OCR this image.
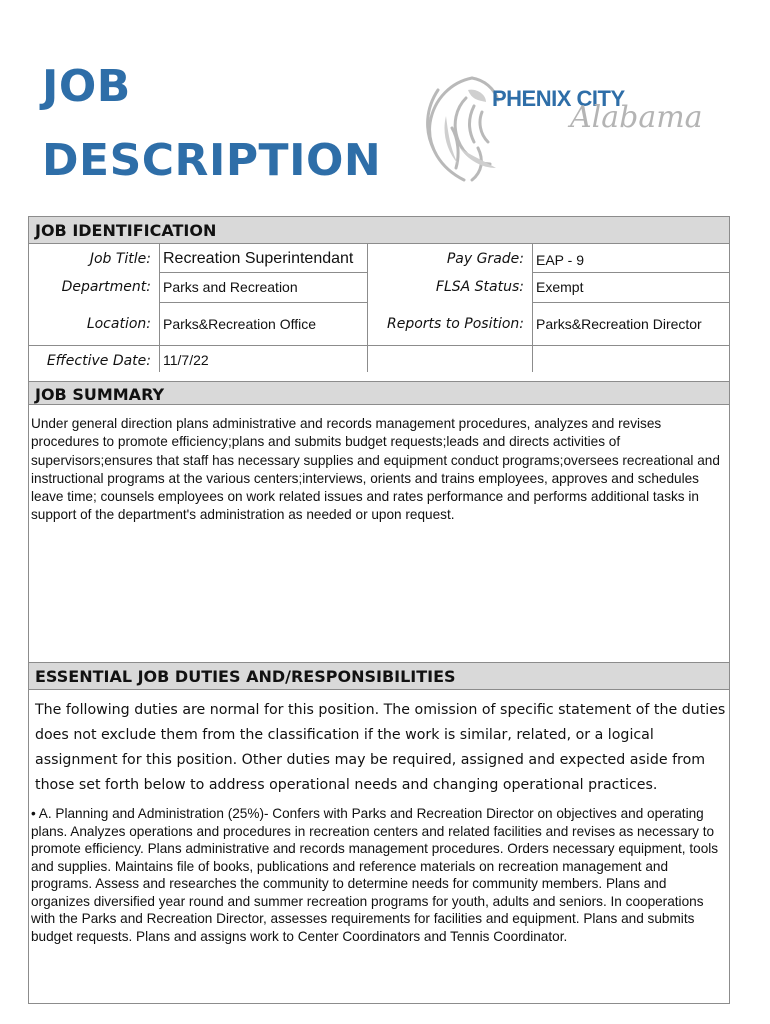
JOB
DESCRIPTION
PHENIX CITY
Alabama
JOB IDENTIFICATION
Job Title: Recreation Superintendant	Pay Grade: EAP - 9
Department: Parks and Recreation	FLSA Status: Exempt
Location: Parks&Recreation Office	Reports to Position: Parks&Recreation Director
Effective Date: 11/7/22
JOB SUMMARY

Under general direction plans administrative and records management procedures, analyzes and revises procedures to promote efficiency;plans and submits budget requests;leads and directs activities of supervisors;ensures that staff has necessary supplies and equipment conduct programs;oversees recreational and instructional programs at the various centers;interviews, orients and trains employees, approves and schedules leave time; counsels employees on work related issues and rates performance and performs additional tasks in support of the department's administration as needed or upon request.

ESSENTIAL JOB DUTIES AND/RESPONSIBILITIES

The following duties are normal for this position. The omission of specific statement of the duties does not exclude them from the classification if the work is similar, related, or a logical assignment for this position. Other duties may be required, assigned and expected aside from those set forth below to address operational needs and changing operational practices.

• A. Planning and Administration (25%)- Confers with Parks and Recreation Director on objectives and operating plans. Analyzes operations and procedures in recreation centers and related facilities and revises as necessary to promote efficiency. Plans administrative and records management procedures. Orders necessary equipment, tools and supplies. Maintains file of books, publications and reference materials on recreation management and programs. Assess and researches the community to determine needs for community members. Plans and organizes diversified year round and summer recreation programs for youth, adults and seniors. In cooperations with the Parks and Recreation Director, assesses requirements for facilities and equipment. Plans and submits budget requests. Plans and assigns work to Center Coordinators and Tennis Coordinator.
